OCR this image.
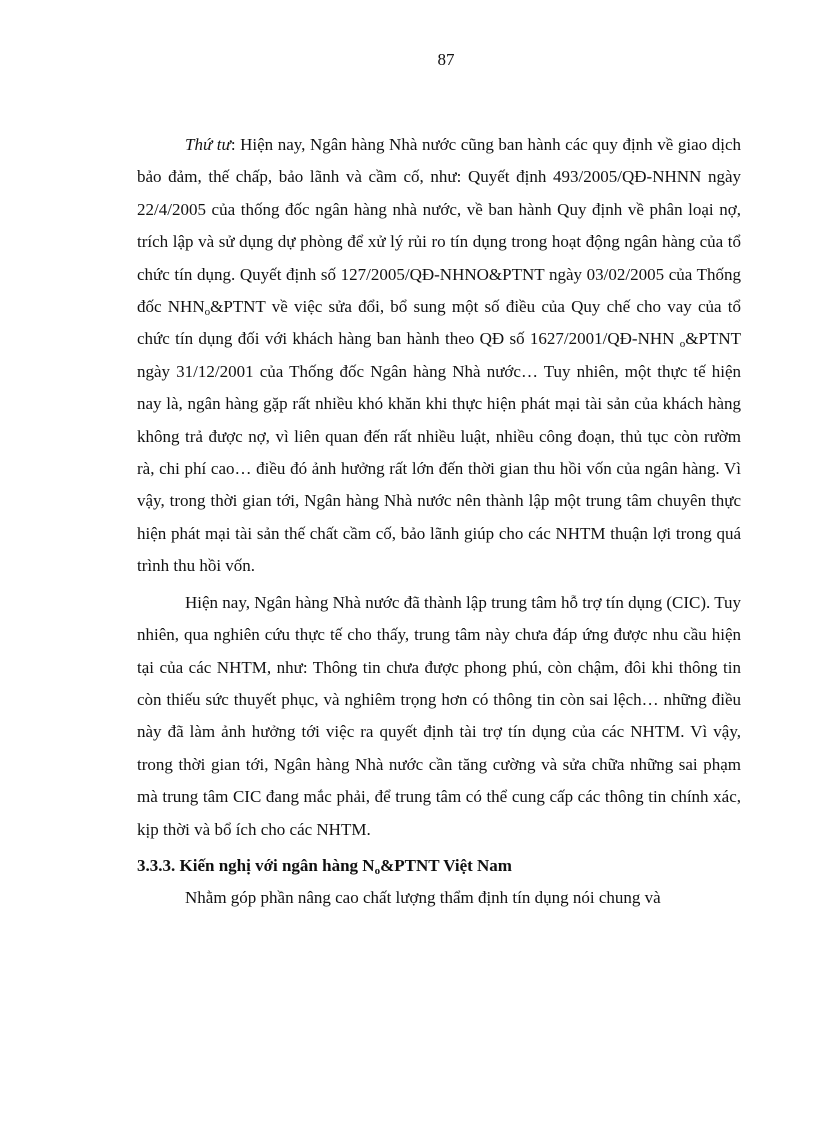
87

Thứ tư: Hiện nay, Ngân hàng Nhà nước cũng ban hành các quy định về giao dịch bảo đảm, thế chấp, bảo lãnh và cầm cố, như: Quyết định 493/2005/QĐ-NHNN ngày 22/4/2005 của thống đốc ngân hàng nhà nước, về ban hành Quy định về phân loại nợ, trích lập và sử dụng dự phòng để xử lý rủi ro tín dụng trong hoạt động ngân hàng của tổ chức tín dụng. Quyết định số 127/2005/QĐ-NHNO&PTNT ngày 03/02/2005 của Thống đốc $NHN_o\&PTNT$ về việc sửa đổi, bổ sung một số điều của Quy chế cho vay của tổ chức tín dụng đối với khách hàng ban hành theo QĐ số 1627/2001/QĐ-NHN $_o$&PTNT ngày 31/12/2001 của Thống đốc Ngân hàng Nhà nước… Tuy nhiên, một thực tế hiện nay là, ngân hàng gặp rất nhiều khó khăn khi thực hiện phát mại tài sản của khách hàng không trả được nợ, vì liên quan đến rất nhiều luật, nhiều công đoạn, thủ tục còn rườm rà, chi phí cao… điều đó ảnh hưởng rất lớn đến thời gian thu hồi vốn của ngân hàng. Vì vậy, trong thời gian tới, Ngân hàng Nhà nước nên thành lập một trung tâm chuyên thực hiện phát mại tài sản thế chất cầm cố, bảo lãnh giúp cho các NHTM thuận lợi trong quá trình thu hồi vốn.

Hiện nay, Ngân hàng Nhà nước đã thành lập trung tâm hỗ trợ tín dụng (CIC). Tuy nhiên, qua nghiên cứu thực tế cho thấy, trung tâm này chưa đáp ứng được nhu cầu hiện tại của các NHTM, như: Thông tin chưa được phong phú, còn chậm, đôi khi thông tin còn thiếu sức thuyết phục, và nghiêm trọng hơn có thông tin còn sai lệch… những điều này đã làm ảnh hưởng tới việc ra quyết định tài trợ tín dụng của các NHTM. Vì vậy, trong thời gian tới, Ngân hàng Nhà nước cần tăng cường và sửa chữa những sai phạm mà trung tâm CIC đang mắc phải, để trung tâm có thể cung cấp các thông tin chính xác, kịp thời và bổ ích cho các NHTM.

3.3.3. Kiến nghị với ngân hàng $N_o\&PTNT$ Việt Nam

Nhằm góp phần nâng cao chất lượng thẩm định tín dụng nói chung và
